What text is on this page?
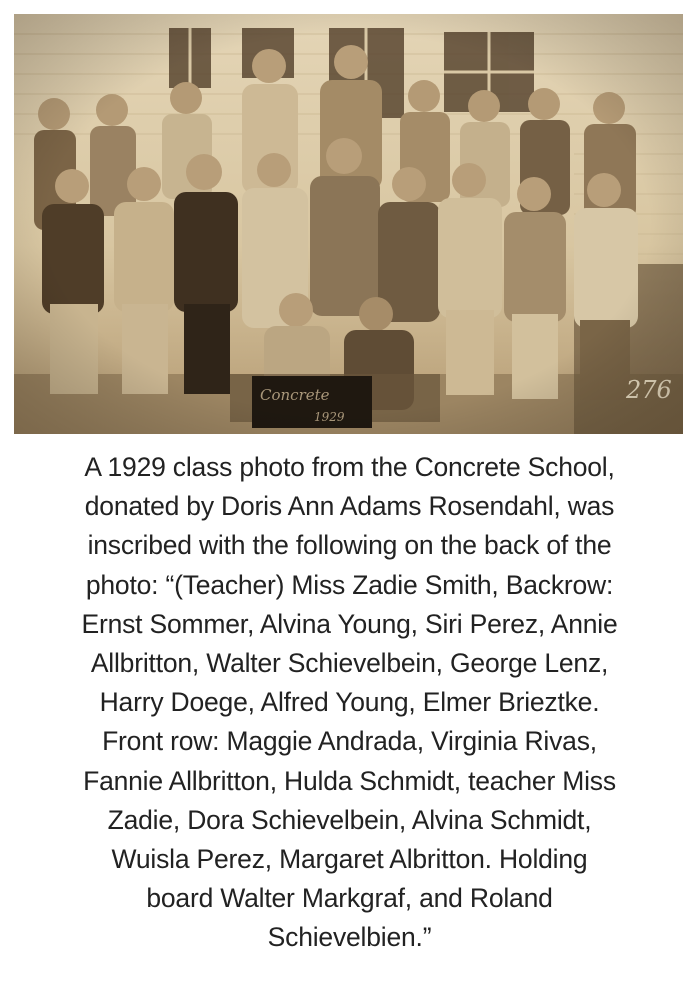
A 1929 class photo from the Concrete School,
donated by Doris Ann Adams Rosendahl, was
inscribed with the following on the back of the
photo: “(Teacher) Miss Zadie Smith, Backrow:
Ernst Sommer, Alvina Young, Siri Perez, Annie
Allbritton, Walter Schievelbein, George Lenz,
Harry Doege, Alfred Young, Elmer Brieztke.
Front row: Maggie Andrada, Virginia Rivas,
Fannie Allbritton, Hulda Schmidt, teacher Miss
Zadie, Dora Schievelbein, Alvina Schmidt,
Wuisla Perez, Margaret Albritton. Holding
board Walter Markgraf, and Roland
Schievelbien.”
